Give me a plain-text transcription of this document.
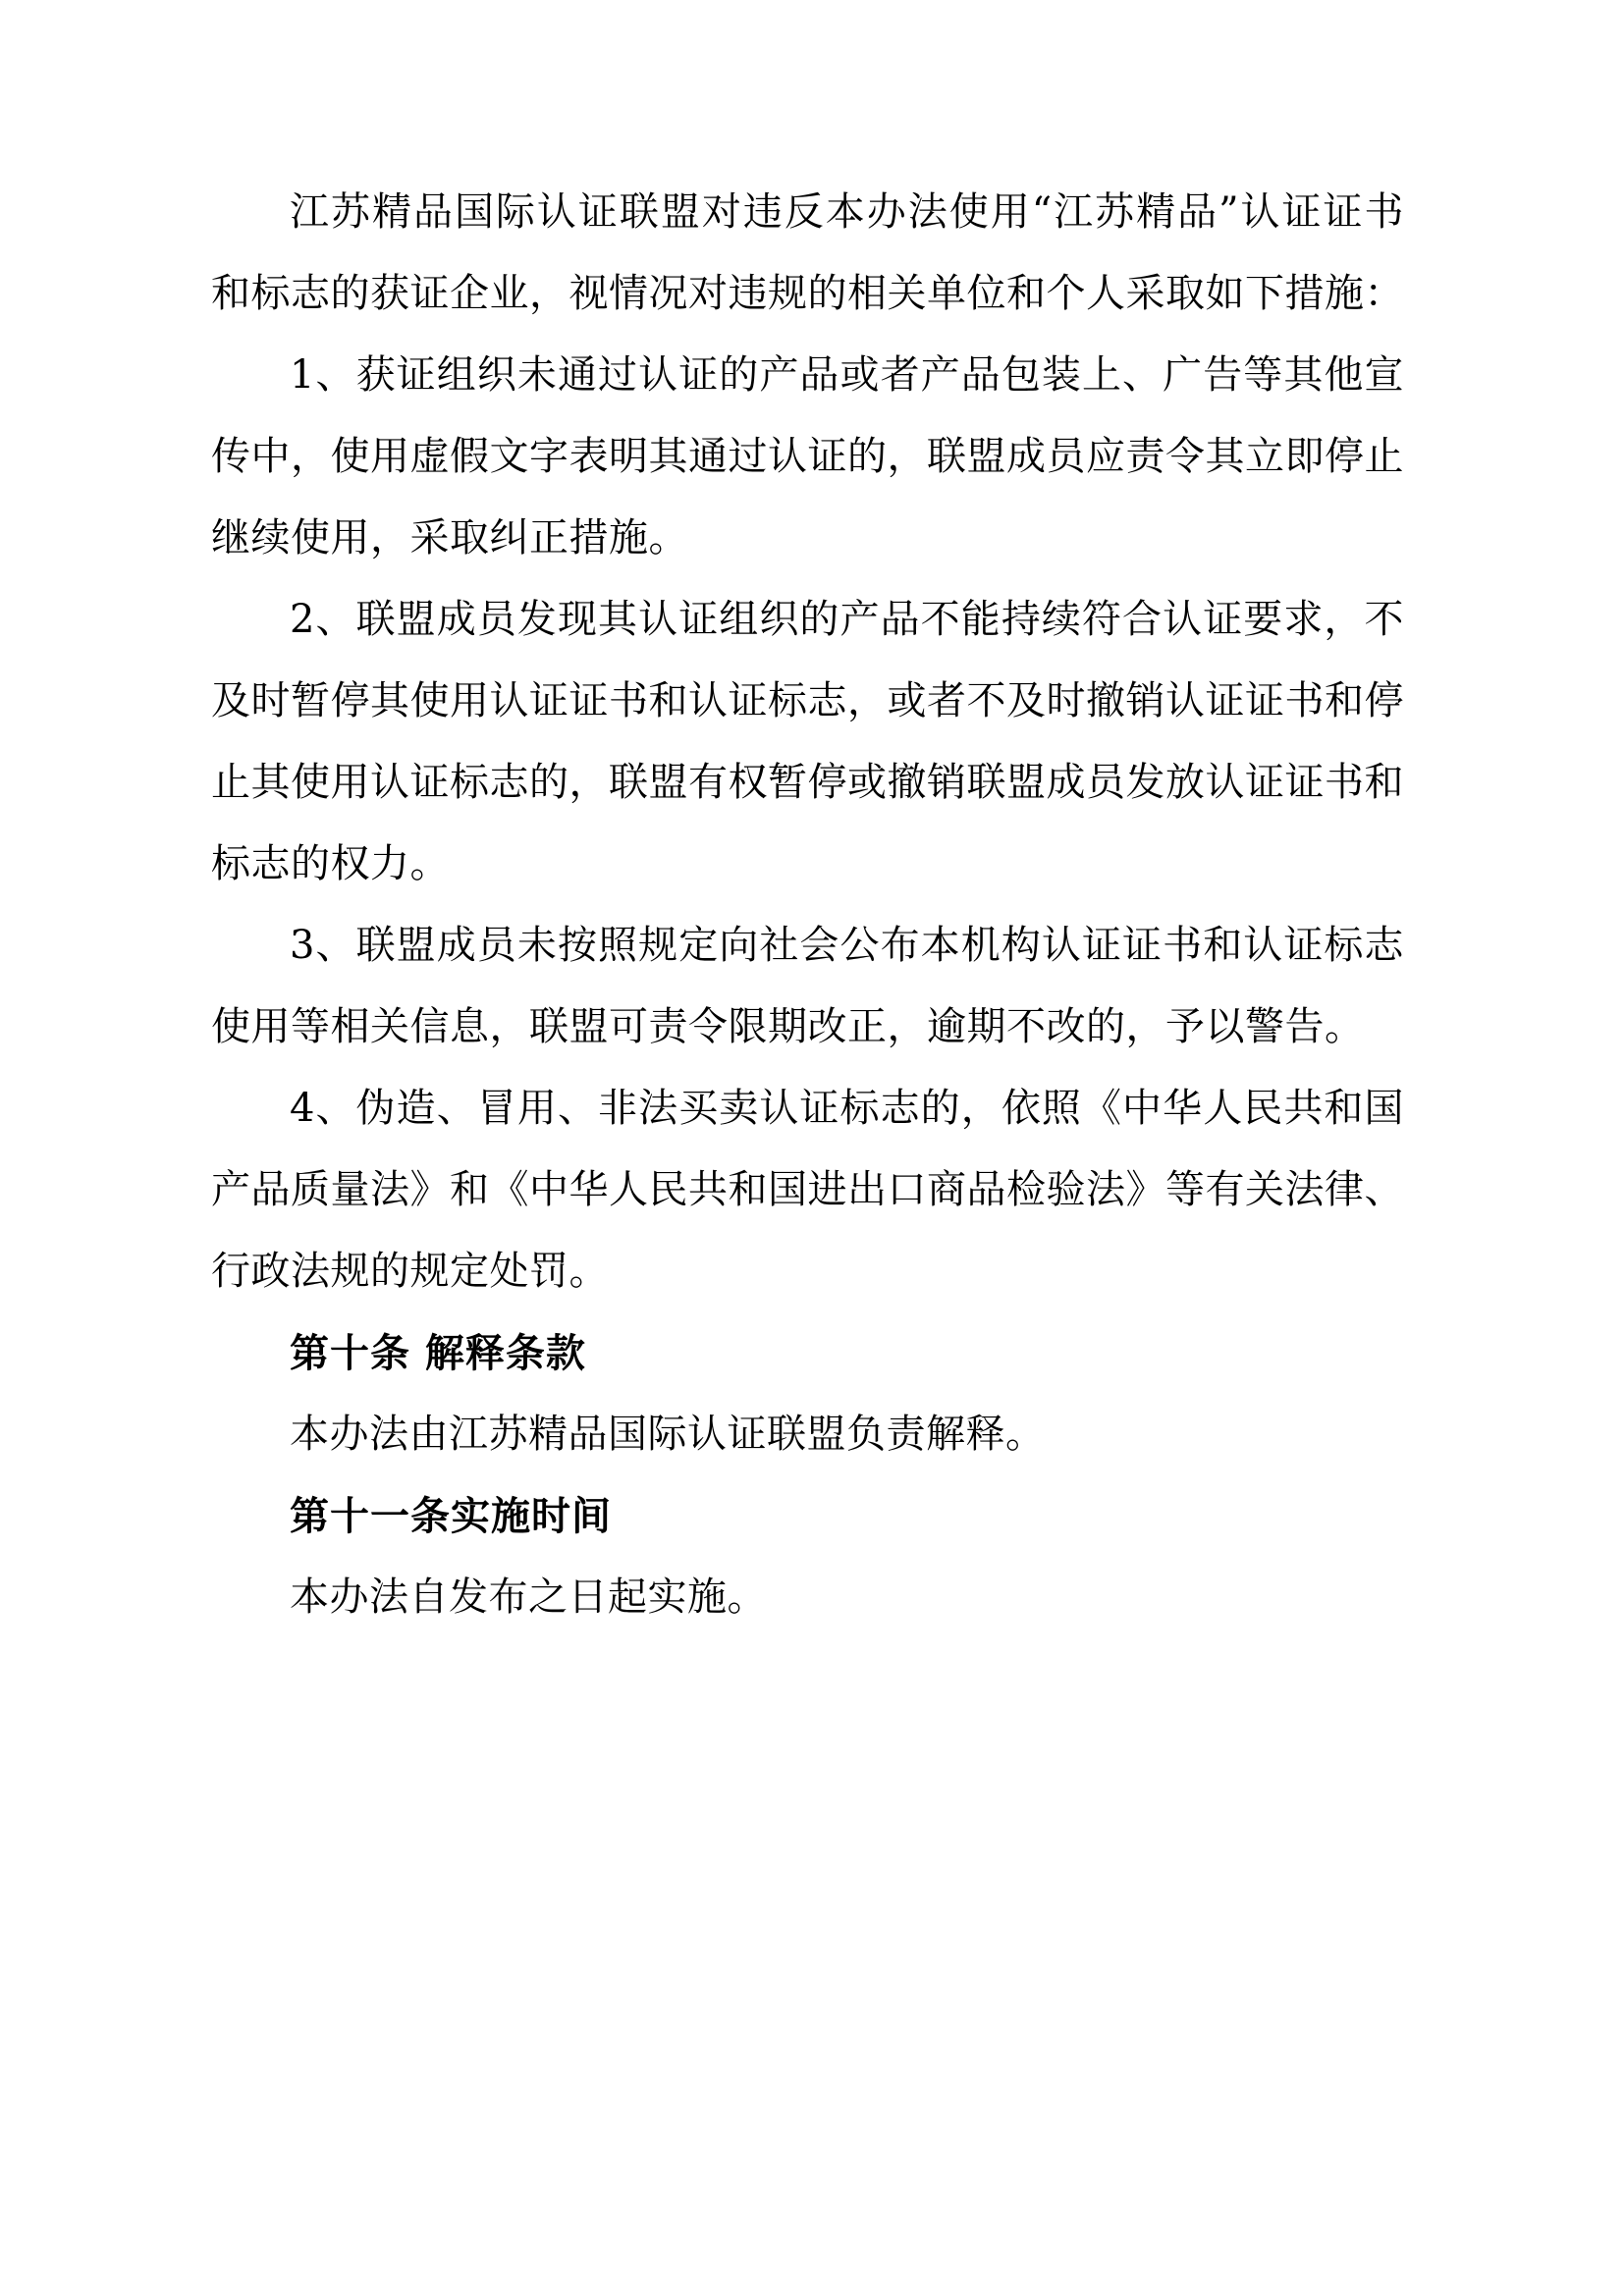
江苏精品国际认证联盟对违反本办法使用“江苏精品”认证证书和标志的获证企业，视情况对违规的相关单位和个人采取如下措施：

1、获证组织未通过认证的产品或者产品包装上、广告等其他宣传中，使用虚假文字表明其通过认证的，联盟成员应责令其立即停止继续使用，采取纠正措施。

2、联盟成员发现其认证组织的产品不能持续符合认证要求，不及时暂停其使用认证证书和认证标志，或者不及时撤销认证证书和停止其使用认证标志的，联盟有权暂停或撤销联盟成员发放认证证书和标志的权力。

3、联盟成员未按照规定向社会公布本机构认证证书和认证标志使用等相关信息，联盟可责令限期改正，逾期不改的，予以警告。

4、伪造、冒用、非法买卖认证标志的，依照《中华人民共和国产品质量法》和《中华人民共和国进出口商品检验法》等有关法律、行政法规的规定处罚。

第十条 解释条款

本办法由江苏精品国际认证联盟负责解释。

第十一条实施时间

本办法自发布之日起实施。
